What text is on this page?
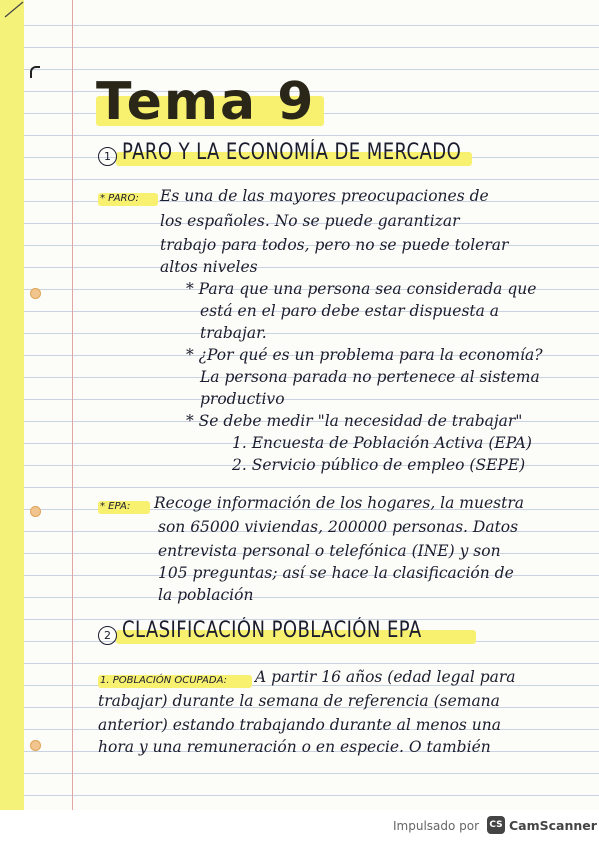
Tema 9
1 PARO Y LA ECONOMÍA DE MERCADO
* PARO: Es una de las mayores preocupaciones de
los españoles. No se puede garantizar
trabajo para todos, pero no se puede tolerar
altos niveles
* Para que una persona sea considerada que
está en el paro debe estar dispuesta a
trabajar.
* ¿Por qué es un problema para la economía?
La persona parada no pertenece al sistema
productivo
* Se debe medir "la necesidad de trabajar"
1. Encuesta de Población Activa (EPA)
2. Servicio público de empleo (SEPE)
* EPA: Recoge información de los hogares, la muestra
son 65000 viviendas, 200000 personas. Datos
entrevista personal o telefónica (INE) y son
105 preguntas; así se hace la clasificación de
la población
2 CLASIFICACIÓN POBLACIÓN EPA
1. POBLACIÓN OCUPADA: A partir 16 años (edad legal para
trabajar) durante la semana de referencia (semana
anterior) estando trabajando durante al menos una
hora y una remuneración o en especie. O también
Impulsado por CS CamScanner
